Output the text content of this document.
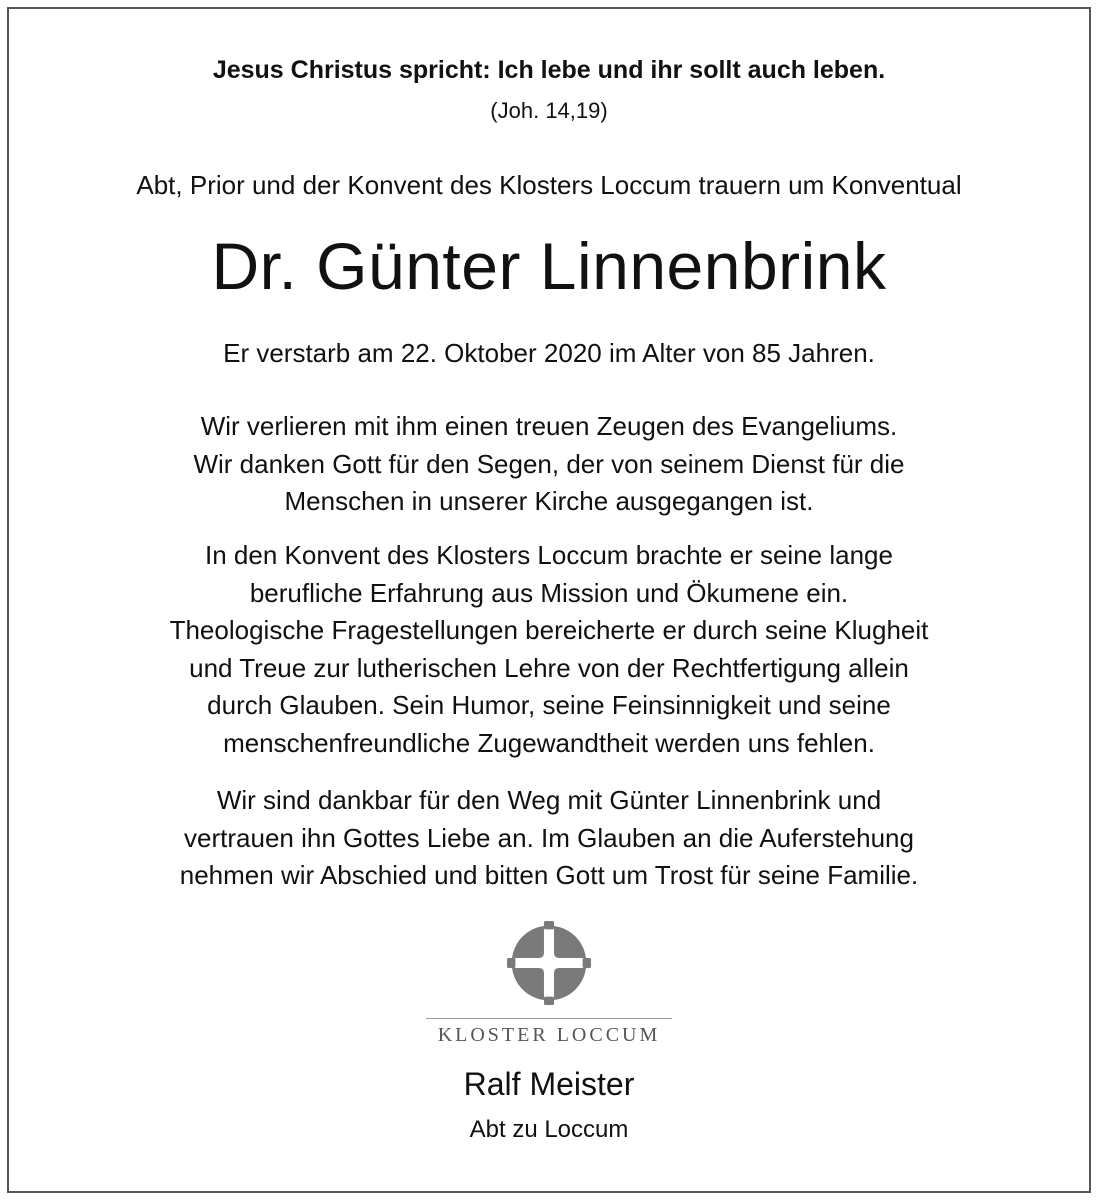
Jesus Christus spricht: Ich lebe und ihr sollt auch leben.
(Joh. 14,19)
Abt, Prior und der Konvent des Klosters Loccum trauern um Konventual
Dr. Günter Linnenbrink
Er verstarb am 22. Oktober 2020 im Alter von 85 Jahren.
Wir verlieren mit ihm einen treuen Zeugen des Evangeliums.
Wir danken Gott für den Segen, der von seinem Dienst für die
Menschen in unserer Kirche ausgegangen ist.
In den Konvent des Klosters Loccum brachte er seine lange
berufliche Erfahrung aus Mission und Ökumene ein.
Theologische Fragestellungen bereicherte er durch seine Klugheit
und Treue zur lutherischen Lehre von der Rechtfertigung allein
durch Glauben. Sein Humor, seine Feinsinnigkeit und seine
menschenfreundliche Zugewandtheit werden uns fehlen.
Wir sind dankbar für den Weg mit Günter Linnenbrink und
vertrauen ihn Gottes Liebe an. Im Glauben an die Auferstehung
nehmen wir Abschied und bitten Gott um Trost für seine Familie.
KLOSTER LOCCUM
Ralf Meister
Abt zu Loccum
